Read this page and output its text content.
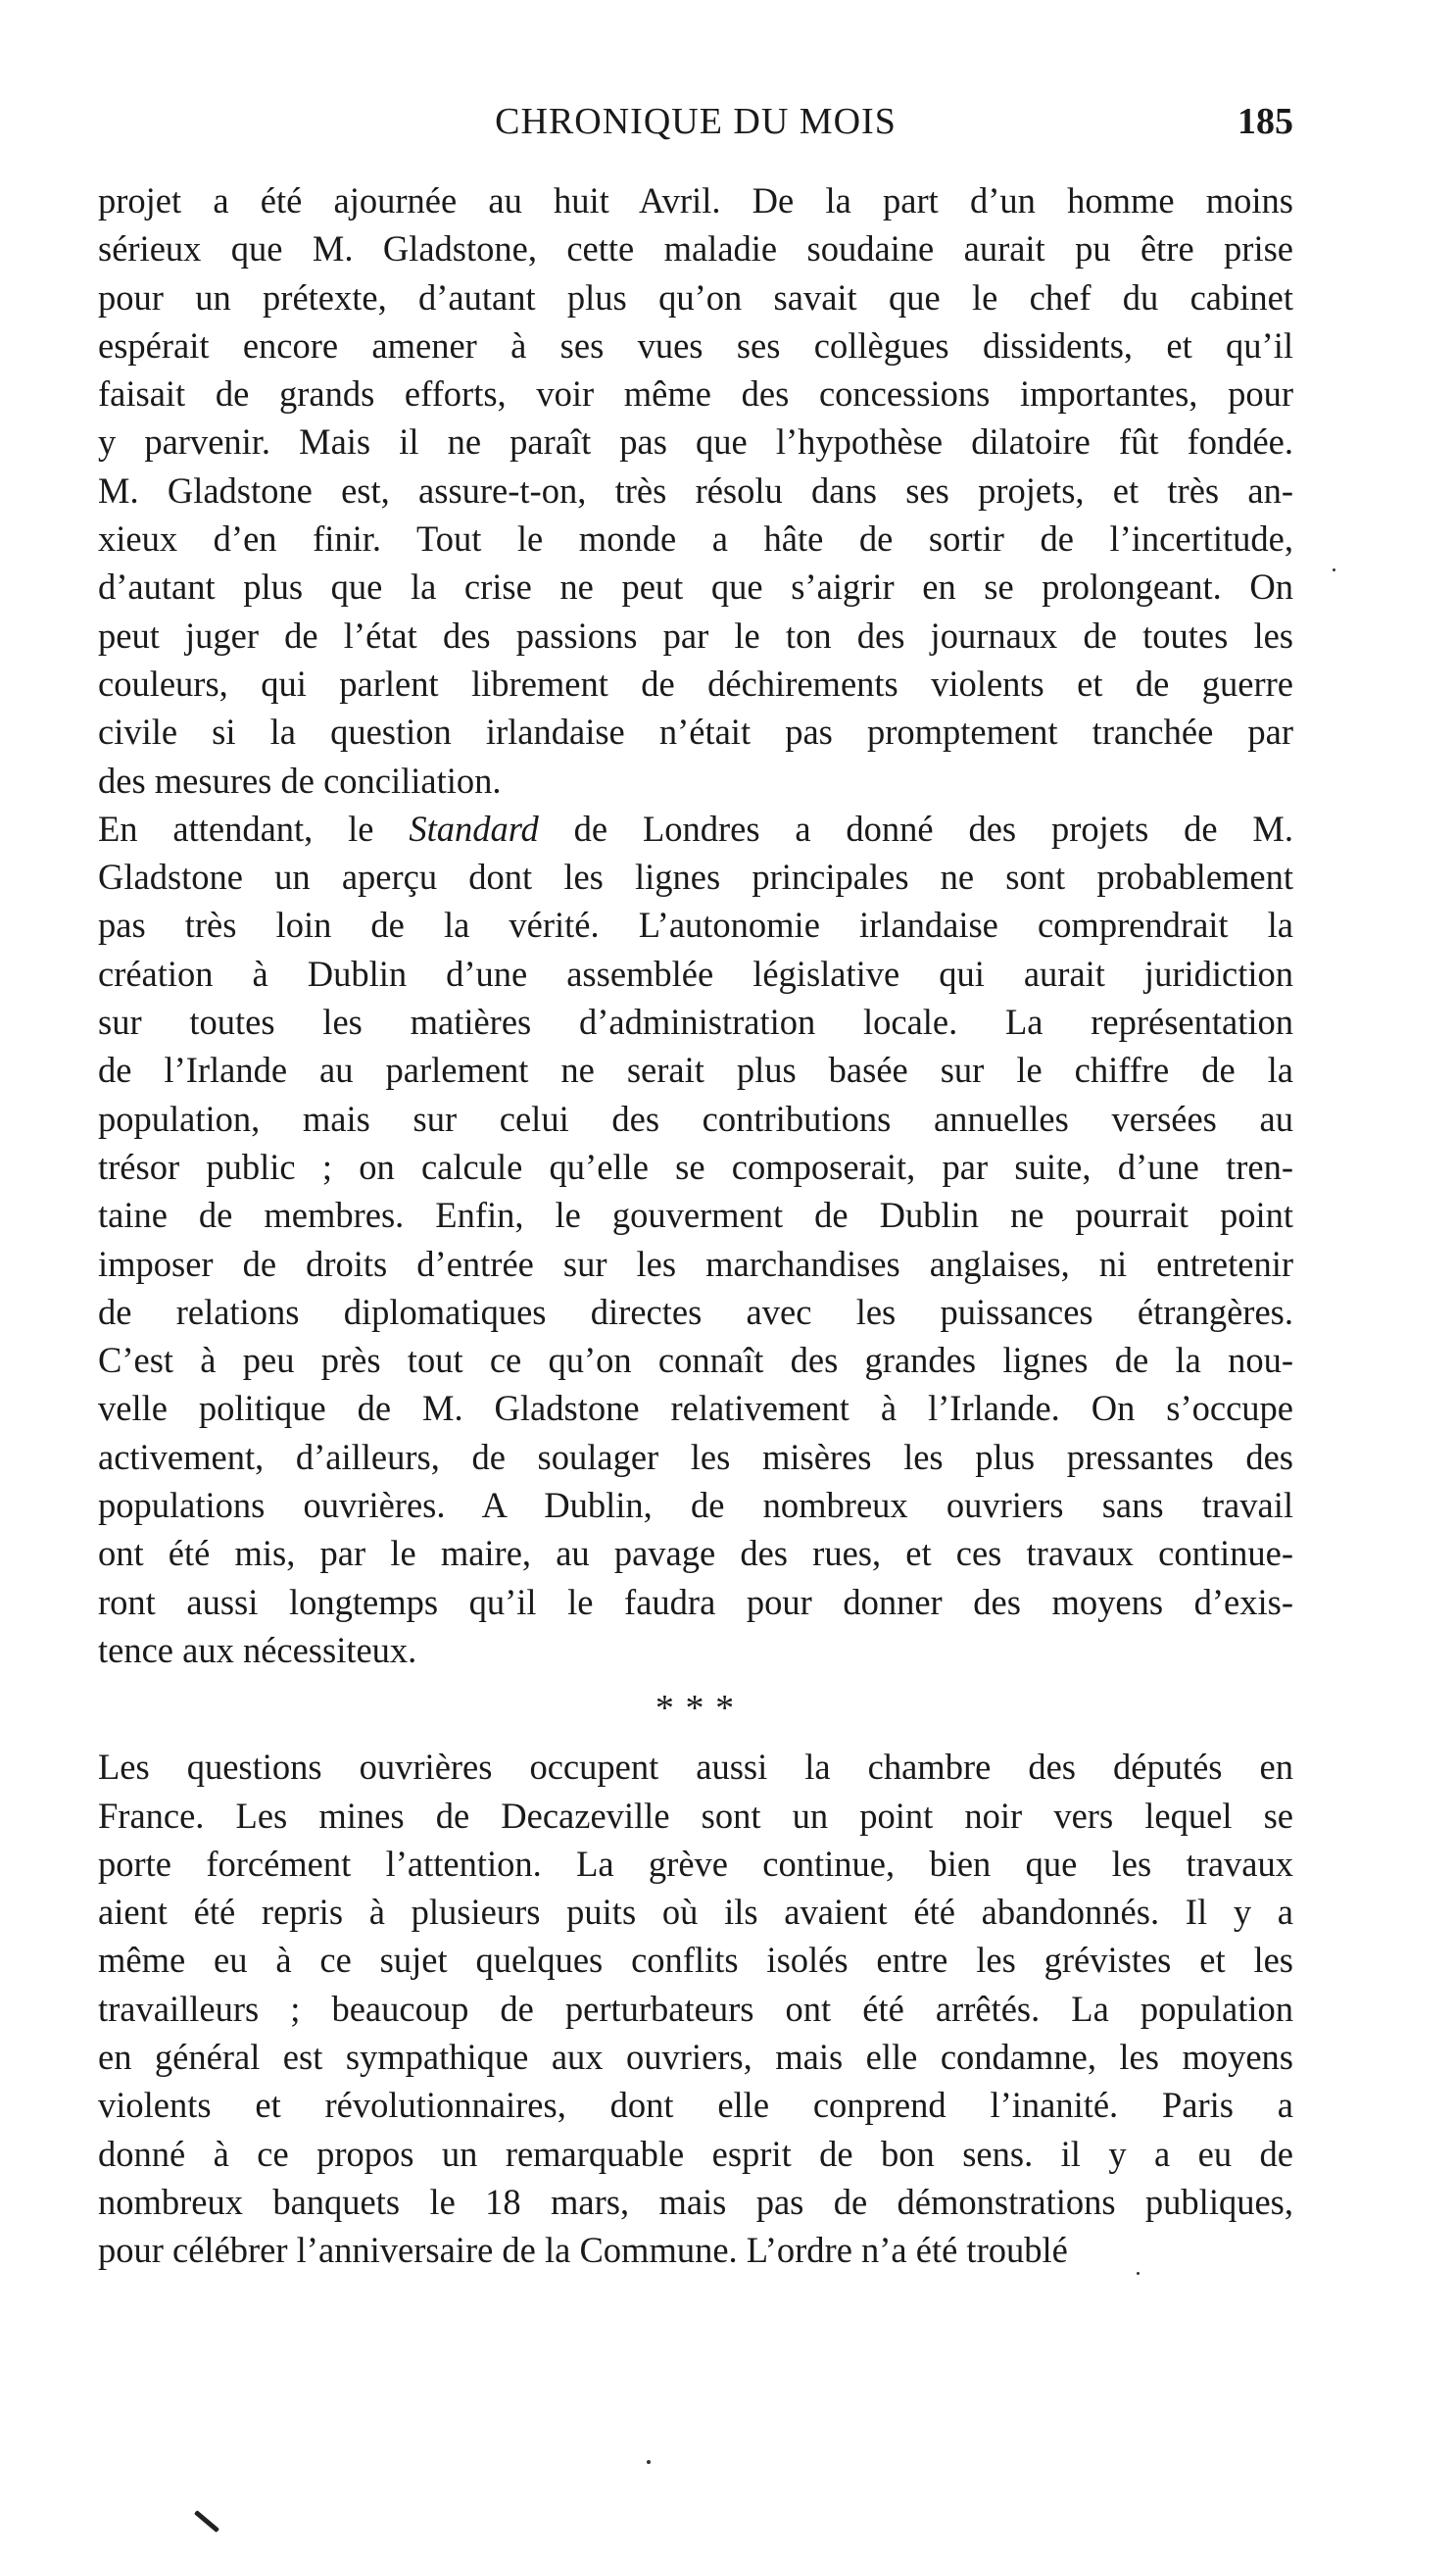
CHRONIQUE DU MOIS	185
projet a été ajournée au huit Avril. De la part d’un homme moins
sérieux que M. Gladstone, cette maladie soudaine aurait pu être prise
pour un prétexte, d’autant plus qu’on savait que le chef du cabinet
espérait encore amener à ses vues ses collègues dissidents, et qu’il
faisait de grands efforts, voir même des concessions importantes, pour
y parvenir. Mais il ne paraît pas que l’hypothèse dilatoire fût fondée.
M. Gladstone est, assure-t-on, très résolu dans ses projets, et très an-
xieux d’en finir. Tout le monde a hâte de sortir de l’incertitude,
d’autant plus que la crise ne peut que s’aigrir en se prolongeant. On
peut juger de l’état des passions par le ton des journaux de toutes les
couleurs, qui parlent librement de déchirements violents et de guerre
civile si la question irlandaise n’était pas promptement tranchée par
des mesures de conciliation.
En attendant, le Standard de Londres a donné des projets de M.
Gladstone un aperçu dont les lignes principales ne sont probablement
pas très loin de la vérité. L’autonomie irlandaise comprendrait la
création à Dublin d’une assemblée législative qui aurait juridiction
sur toutes les matières d’administration locale. La représentation
de l’Irlande au parlement ne serait plus basée sur le chiffre de la
population, mais sur celui des contributions annuelles versées au
trésor public ; on calcule qu’elle se composerait, par suite, d’une tren-
taine de membres. Enfin, le gouverment de Dublin ne pourrait point
imposer de droits d’entrée sur les marchandises anglaises, ni entretenir
de relations diplomatiques directes avec les puissances étrangères.
C’est à peu près tout ce qu’on connaît des grandes lignes de la nou-
velle politique de M. Gladstone relativement à l’Irlande. On s’occupe
activement, d’ailleurs, de soulager les misères les plus pressantes des
populations ouvrières. A Dublin, de nombreux ouvriers sans travail
ont été mis, par le maire, au pavage des rues, et ces travaux continue-
ront aussi longtemps qu’il le faudra pour donner des moyens d’exis-
tence aux nécessiteux.
* * *
Les questions ouvrières occupent aussi la chambre des députés en
France. Les mines de Decazeville sont un point noir vers lequel se
porte forcément l’attention. La grève continue, bien que les travaux
aient été repris à plusieurs puits où ils avaient été abandonnés. Il y a
même eu à ce sujet quelques conflits isolés entre les grévistes et les
travailleurs ; beaucoup de perturbateurs ont été arrêtés. La population
en général est sympathique aux ouvriers, mais elle condamne, les moyens
violents et révolutionnaires, dont elle conprend l’inanité. Paris a
donné à ce propos un remarquable esprit de bon sens. il y a eu de
nombreux banquets le 18 mars, mais pas de démonstrations publiques,
pour célébrer l’anniversaire de la Commune. L’ordre n’a été troublé
